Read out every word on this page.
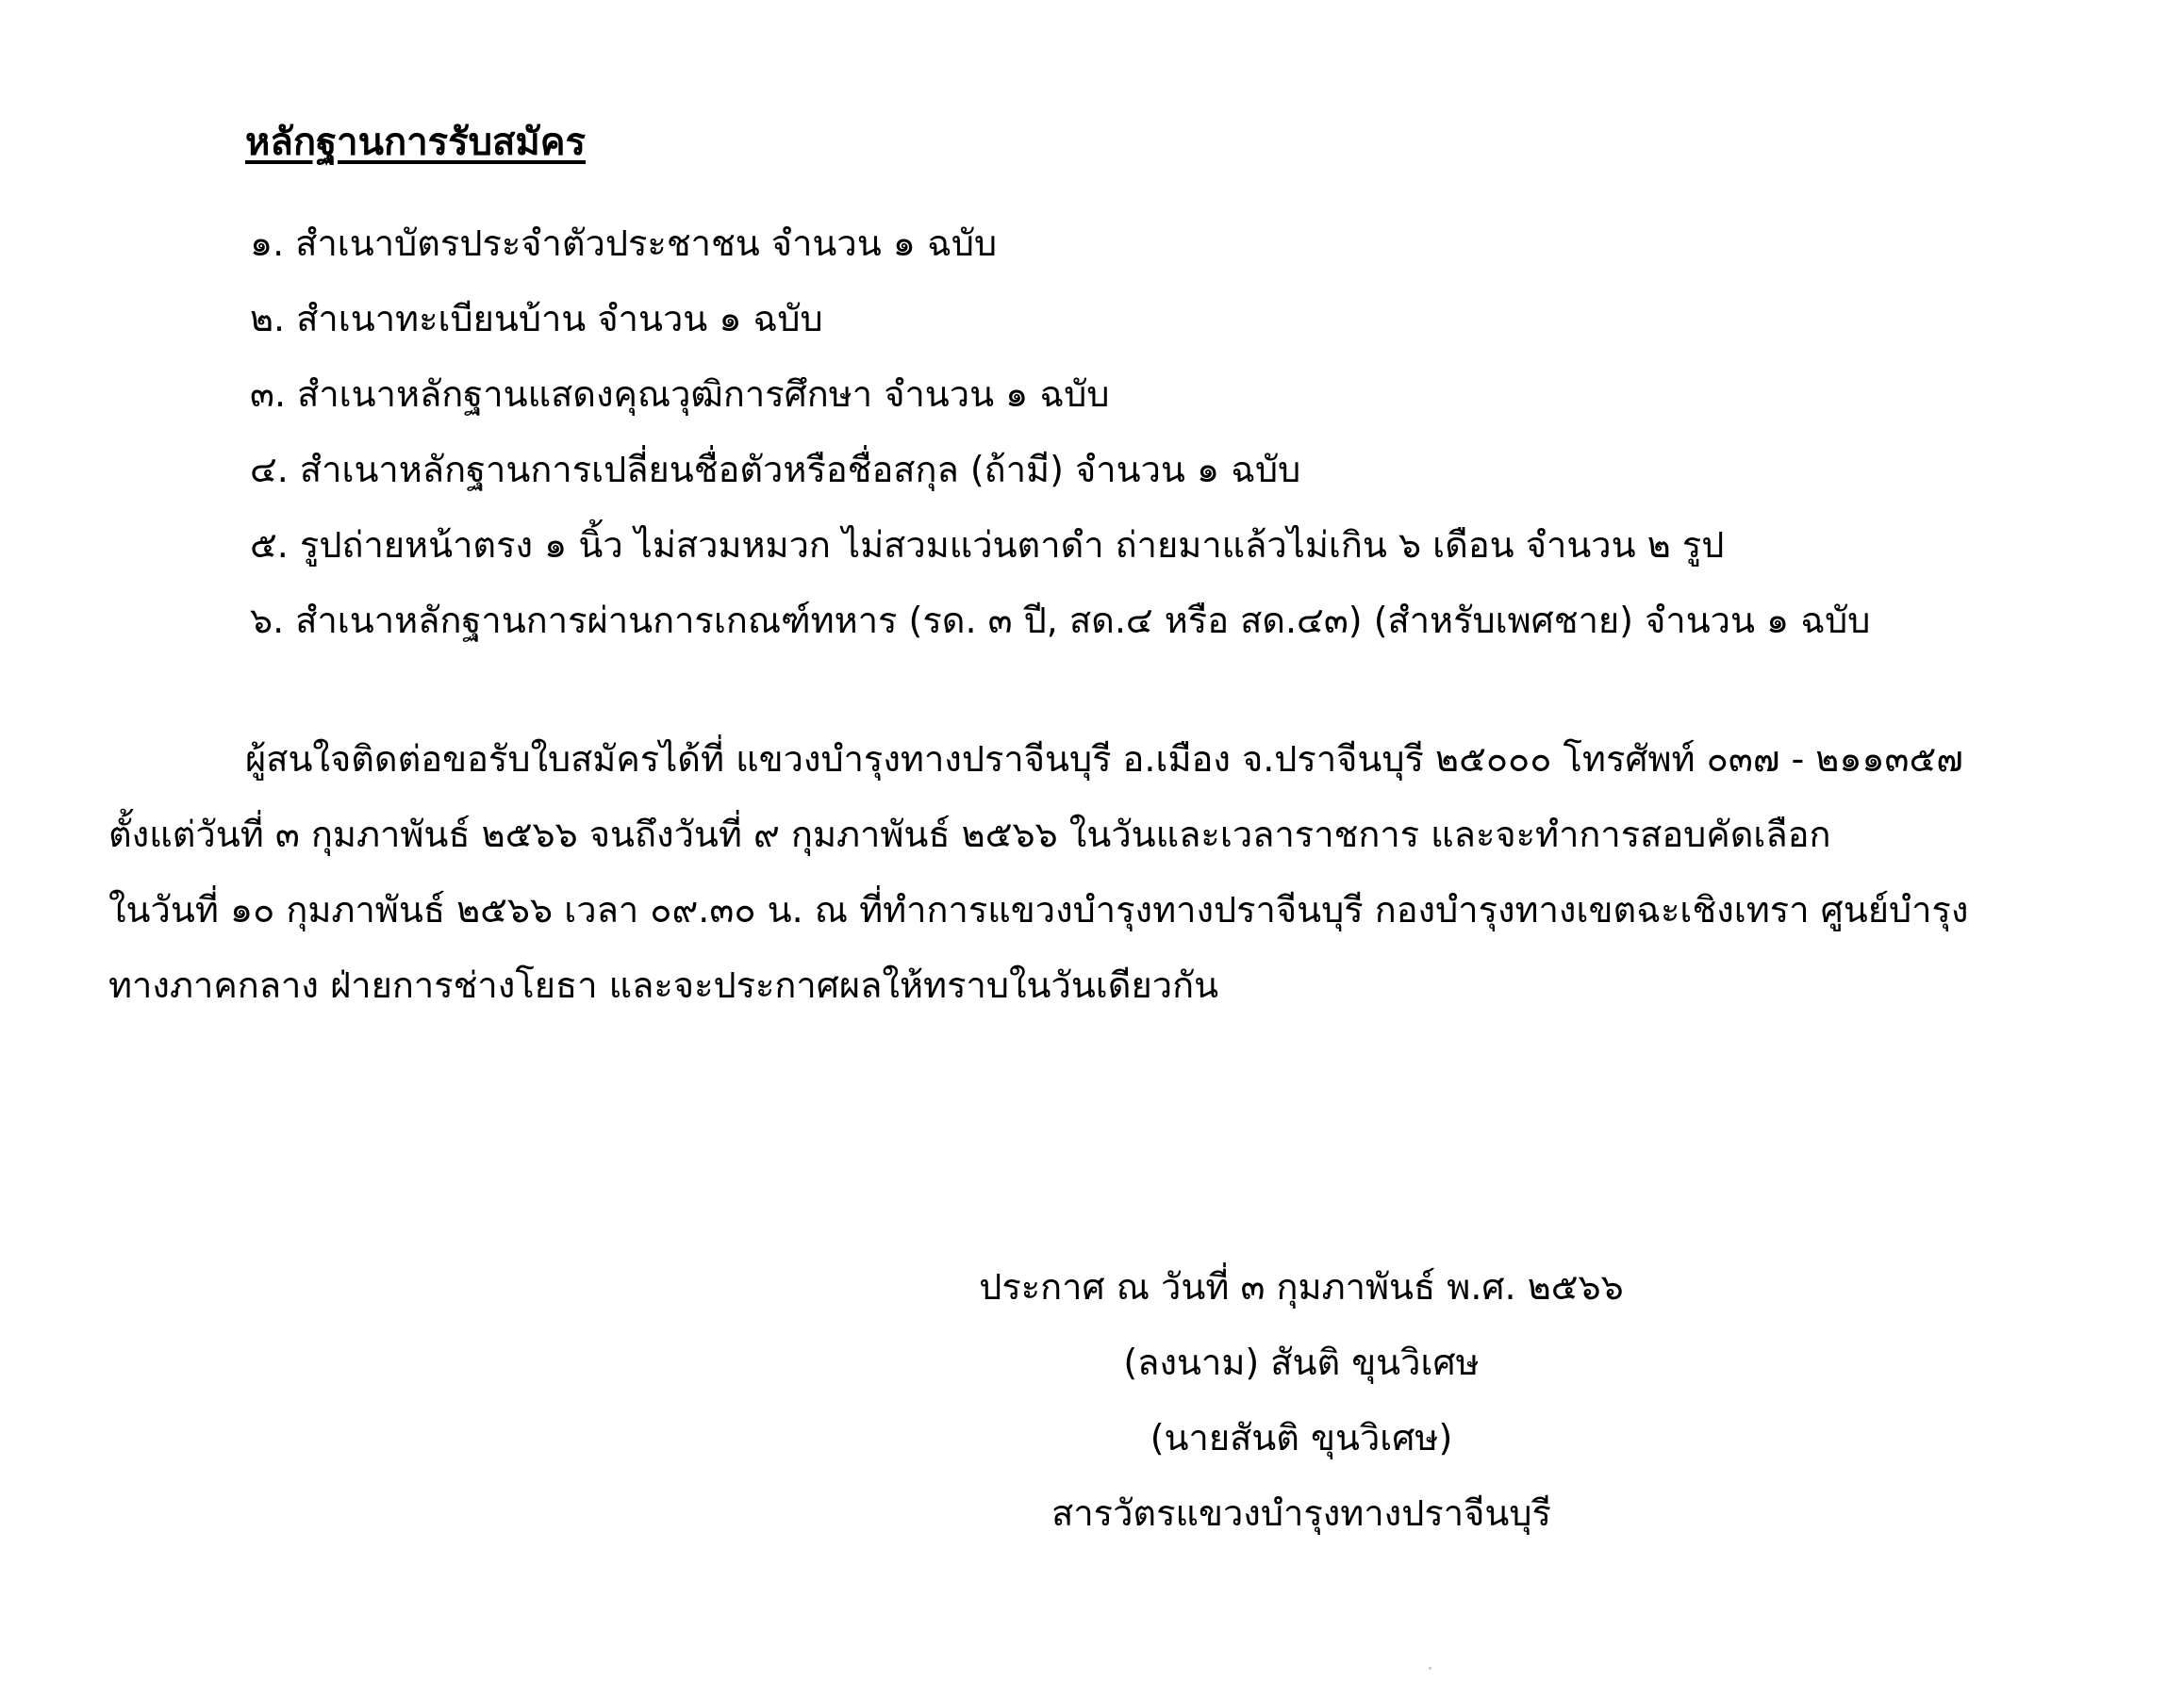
หลักฐานการรับสมัคร
๑. สำเนาบัตรประจำตัวประชาชน จำนวน ๑ ฉบับ
๒. สำเนาทะเบียนบ้าน จำนวน ๑ ฉบับ
๓. สำเนาหลักฐานแสดงคุณวุฒิการศึกษา จำนวน ๑ ฉบับ
๔. สำเนาหลักฐานการเปลี่ยนชื่อตัวหรือชื่อสกุล (ถ้ามี) จำนวน ๑ ฉบับ
๕. รูปถ่ายหน้าตรง ๑ นิ้ว ไม่สวมหมวก ไม่สวมแว่นตาดำ ถ่ายมาแล้วไม่เกิน ๖ เดือน จำนวน ๒ รูป
๖. สำเนาหลักฐานการผ่านการเกณฑ์ทหาร (รด. ๓ ปี, สด.๔ หรือ สด.๔๓) (สำหรับเพศชาย) จำนวน ๑ ฉบับ
ผู้สนใจติดต่อขอรับใบสมัครได้ที่ แขวงบำรุงทางปราจีนบุรี อ.เมือง จ.ปราจีนบุรี ๒๕๐๐๐ โทรศัพท์ ๐๓๗ - ๒๑๑๓๕๗
ตั้งแต่วันที่ ๓ กุมภาพันธ์ ๒๕๖๖ จนถึงวันที่ ๙ กุมภาพันธ์ ๒๕๖๖ ในวันและเวลาราชการ และจะทำการสอบคัดเลือก
ในวันที่ ๑๐ กุมภาพันธ์ ๒๕๖๖ เวลา ๐๙.๓๐ น. ณ ที่ทำการแขวงบำรุงทางปราจีนบุรี กองบำรุงทางเขตฉะเชิงเทรา ศูนย์บำรุง
ทางภาคกลาง ฝ่ายการช่างโยธา และจะประกาศผลให้ทราบในวันเดียวกัน
ประกาศ ณ วันที่ ๓ กุมภาพันธ์ พ.ศ. ๒๕๖๖
(ลงนาม) สันติ ขุนวิเศษ
(นายสันติ ขุนวิเศษ)
สารวัตรแขวงบำรุงทางปราจีนบุรี
